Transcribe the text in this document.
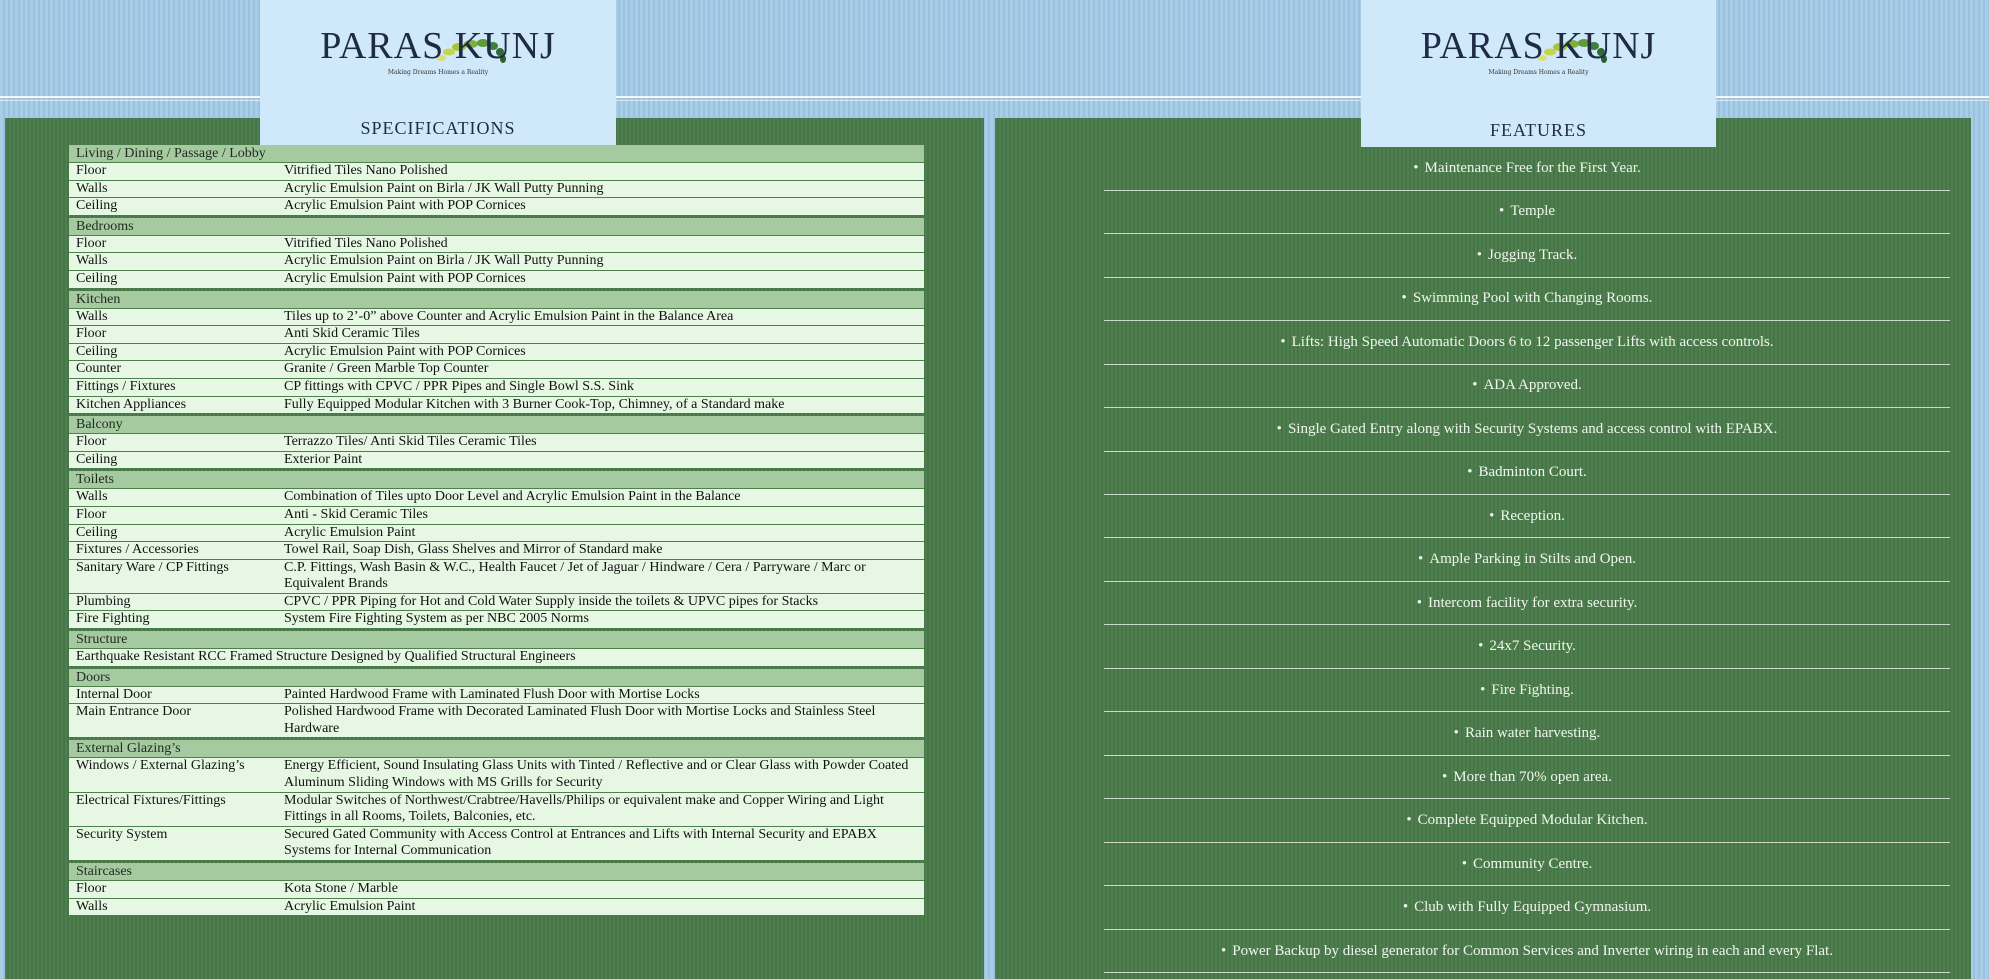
PARAS KUNJ
Making Dreams Homes a Reality
SPECIFICATIONS
PARAS KUNJ
Making Dreams Homes a Reality
FEATURES
Living / Dining / Passage / Lobby
Floor	Vitrified Tiles Nano Polished
Walls	Acrylic Emulsion Paint on Birla / JK Wall Putty Punning
Ceiling	Acrylic Emulsion Paint with POP Cornices
Bedrooms
Floor	Vitrified Tiles Nano Polished
Walls	Acrylic Emulsion Paint on Birla / JK Wall Putty Punning
Ceiling	Acrylic Emulsion Paint with POP Cornices
Kitchen
Walls	Tiles up to 2’-0” above Counter and Acrylic Emulsion Paint in the Balance Area
Floor	Anti Skid Ceramic Tiles
Ceiling	Acrylic Emulsion Paint with POP Cornices
Counter	Granite / Green Marble Top Counter
Fittings / Fixtures	CP fittings with CPVC / PPR Pipes and Single Bowl S.S. Sink
Kitchen Appliances	Fully Equipped Modular Kitchen with 3 Burner Cook-Top, Chimney, of a Standard make
Balcony
Floor	Terrazzo Tiles/ Anti Skid Tiles Ceramic Tiles
Ceiling	Exterior Paint
Toilets
Walls	Combination of Tiles upto Door Level and Acrylic Emulsion Paint in the Balance
Floor	Anti - Skid Ceramic Tiles
Ceiling	Acrylic Emulsion Paint
Fixtures / Accessories	Towel Rail, Soap Dish, Glass Shelves and Mirror of Standard make
Sanitary Ware / CP Fittings	C.P. Fittings, Wash Basin & W.C., Health Faucet / Jet of Jaguar / Hindware / Cera / Parryware / Marc or Equivalent Brands
Plumbing	CPVC / PPR Piping for Hot and Cold Water Supply inside the toilets & UPVC pipes for Stacks
Fire Fighting	System Fire Fighting System as per NBC 2005 Norms
Structure
Earthquake Resistant RCC Framed Structure Designed by Qualified Structural Engineers
Doors
Internal Door	Painted Hardwood Frame with Laminated Flush Door with Mortise Locks
Main Entrance Door	Polished Hardwood Frame with Decorated Laminated Flush Door with Mortise Locks and Stainless Steel Hardware
External Glazing’s
Windows / External Glazing’s	Energy Efficient, Sound Insulating Glass Units with Tinted / Reflective and or Clear Glass with Powder Coated Aluminum Sliding Windows with MS Grills for Security
Electrical Fixtures/Fittings	Modular Switches of Northwest/Crabtree/Havells/Philips or equivalent make and Copper Wiring and Light Fittings in all Rooms, Toilets, Balconies, etc.
Security System	Secured Gated Community with Access Control at Entrances and Lifts with Internal Security and EPABX Systems for Internal Communication
Staircases
Floor	Kota Stone / Marble
Walls	Acrylic Emulsion Paint
• Maintenance Free for the First Year.
• Temple
• Jogging Track.
• Swimming Pool with Changing Rooms.
• Lifts: High Speed Automatic Doors 6 to 12 passenger Lifts with access controls.
• ADA Approved.
• Single Gated Entry along with Security Systems and access control with EPABX.
• Badminton Court.
• Reception.
• Ample Parking in Stilts and Open.
• Intercom facility for extra security.
• 24x7 Security.
• Fire Fighting.
• Rain water harvesting.
• More than 70% open area.
• Complete Equipped Modular Kitchen.
• Community Centre.
• Club with Fully Equipped Gymnasium.
• Power Backup by diesel generator for Common Services and Inverter wiring in each and every Flat.
